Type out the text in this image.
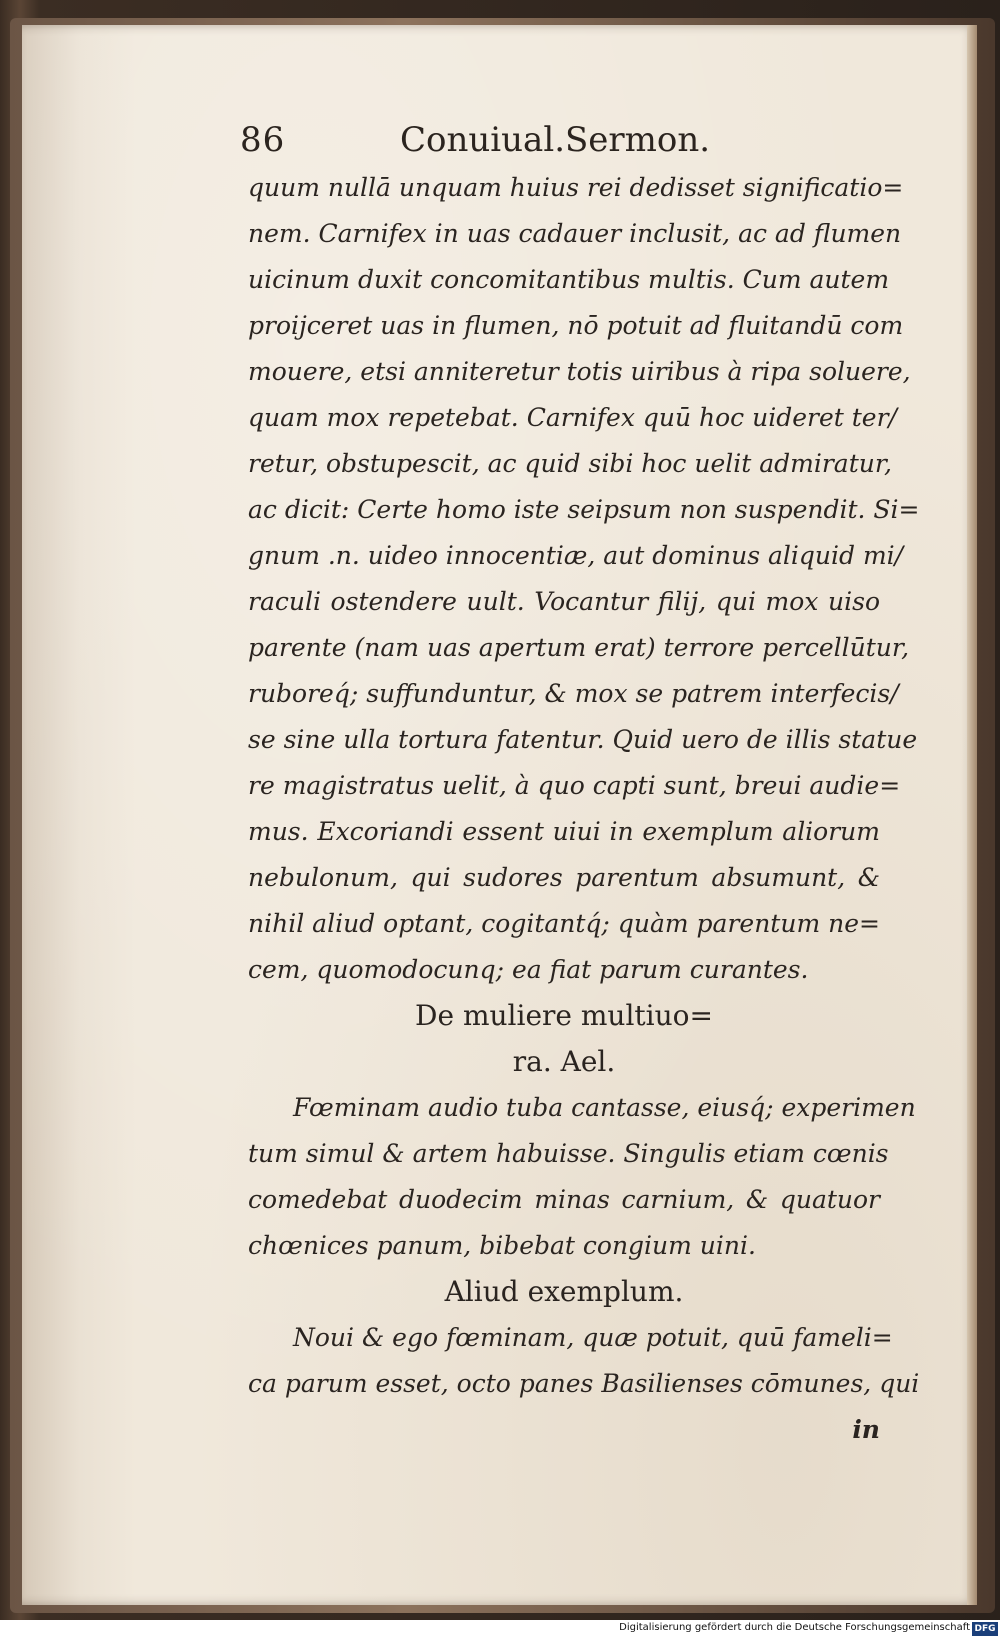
86	Conuiual.Sermon.
quum nullā unquam huius rei dedisset significatio=
nem. Carnifex in uas cadauer inclusit, ac ad flumen
uicinum duxit concomitantibus multis. Cum autem
proijceret uas in flumen, nō potuit ad fluitandū com
mouere, etsi anniteretur totis uiribus à ripa soluere,
quam mox repetebat. Carnifex quū hoc uideret ter/
retur, obstupescit, ac quid sibi hoc uelit admiratur,
ac dicit: Certe homo iste seipsum non suspendit. Si=
gnum .n. uideo innocentiæ, aut dominus aliquid mi/
raculi ostendere uult. Vocantur filij, qui mox uiso
parente (nam uas apertum erat) terrore percellūtur,
ruboreq́; suffunduntur, & mox se patrem interfecis/
se sine ulla tortura fatentur. Quid uero de illis statue
re magistratus uelit, à quo capti sunt, breui audie=
mus. Excoriandi essent uiui in exemplum aliorum
nebulonum, qui sudores parentum absumunt, &
nihil aliud optant, cogitantq́; quàm parentum ne=
cem, quomodocunq; ea fiat parum curantes.
De muliere multiuo=
ra. Ael.
Fœminam audio tuba cantasse, eiusq́; experimen
tum simul & artem habuisse. Singulis etiam cœnis
comedebat duodecim minas carnium, & quatuor
chœnices panum, bibebat congium uini.
Aliud exemplum.
Noui & ego fœminam, quæ potuit, quū fameli=
ca parum esset, octo panes Basilienses cōmunes, qui
in
Digitalisierung gefördert durch die Deutsche Forschungsgemeinschaft DFG
